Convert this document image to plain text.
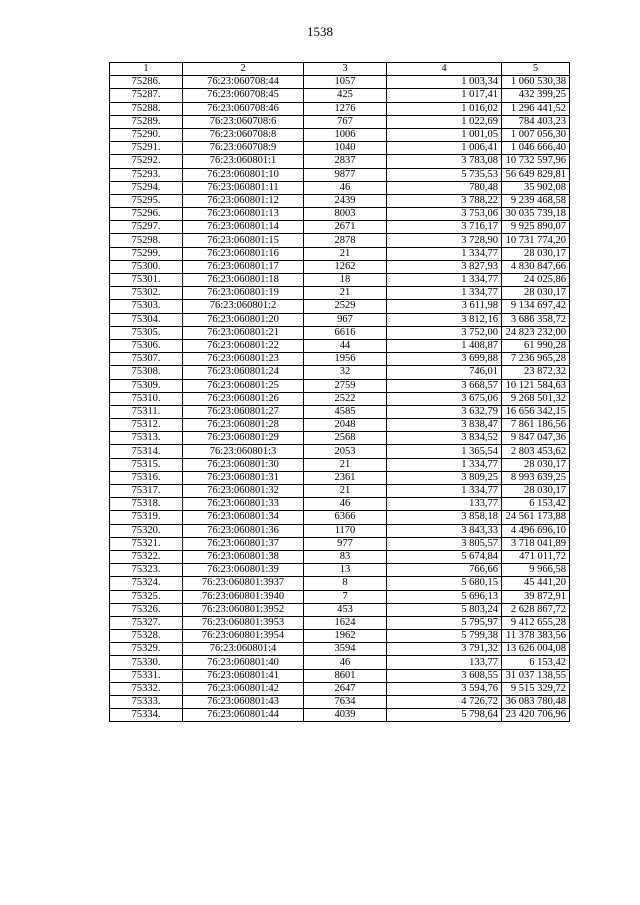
1538
1	2	3	4	5
75286.	76:23:060708:44	1057	1 003,34	1 060 530,38
75287.	76:23:060708:45	425	1 017,41	432 399,25
75288.	76:23:060708:46	1276	1 016,02	1 296 441,52
75289.	76:23:060708:6	767	1 022,69	784 403,23
75290.	76:23:060708:8	1006	1 001,05	1 007 056,30
75291.	76:23:060708:9	1040	1 006,41	1 046 666,40
75292.	76:23:060801:1	2837	3 783,08	10 732 597,96
75293.	76:23:060801:10	9877	5 735,53	56 649 829,81
75294.	76:23:060801:11	46	780,48	35 902,08
75295.	76:23:060801:12	2439	3 788,22	9 239 468,58
75296.	76:23:060801:13	8003	3 753,06	30 035 739,18
75297.	76:23:060801:14	2671	3 716,17	9 925 890,07
75298.	76:23:060801:15	2878	3 728,90	10 731 774,20
75299.	76:23:060801:16	21	1 334,77	28 030,17
75300.	76:23:060801:17	1262	3 827,93	4 830 847,66
75301.	76:23:060801:18	18	1 334,77	24 025,86
75302.	76:23:060801:19	21	1 334,77	28 030,17
75303.	76:23:060801:2	2529	3 611,98	9 134 697,42
75304.	76:23:060801:20	967	3 812,16	3 686 358,72
75305.	76:23:060801:21	6616	3 752,00	24 823 232,00
75306.	76:23:060801:22	44	1 408,87	61 990,28
75307.	76:23:060801:23	1956	3 699,88	7 236 965,28
75308.	76:23:060801:24	32	746,01	23 872,32
75309.	76:23:060801:25	2759	3 668,57	10 121 584,63
75310.	76:23:060801:26	2522	3 675,06	9 268 501,32
75311.	76:23:060801:27	4585	3 632,79	16 656 342,15
75312.	76:23:060801:28	2048	3 838,47	7 861 186,56
75313.	76:23:060801:29	2568	3 834,52	9 847 047,36
75314.	76:23:060801:3	2053	1 365,54	2 803 453,62
75315.	76:23:060801:30	21	1 334,77	28 030,17
75316.	76:23:060801:31	2361	3 809,25	8 993 639,25
75317.	76:23:060801:32	21	1 334,77	28 030,17
75318.	76:23:060801:33	46	133,77	6 153,42
75319.	76:23:060801:34	6366	3 858,18	24 561 173,88
75320.	76:23:060801:36	1170	3 843,33	4 496 696,10
75321.	76:23:060801:37	977	3 805,57	3 718 041,89
75322.	76:23:060801:38	83	5 674,84	471 011,72
75323.	76:23:060801:39	13	766,66	9 966,58
75324.	76:23:060801:3937	8	5 680,15	45 441,20
75325.	76:23:060801:3940	7	5 696,13	39 872,91
75326.	76:23:060801:3952	453	5 803,24	2 628 867,72
75327.	76:23:060801:3953	1624	5 795,97	9 412 655,28
75328.	76:23:060801:3954	1962	5 799,38	11 378 383,56
75329.	76:23:060801:4	3594	3 791,32	13 626 004,08
75330.	76:23:060801:40	46	133,77	6 153,42
75331.	76:23:060801:41	8601	3 608,55	31 037 138,55
75332.	76:23:060801:42	2647	3 594,76	9 515 329,72
75333.	76:23:060801:43	7634	4 726,72	36 083 780,48
75334.	76:23:060801:44	4039	5 798,64	23 420 706,96
